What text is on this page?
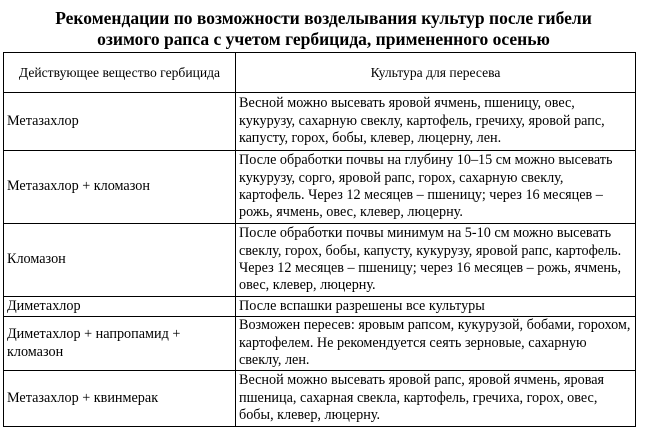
Рекомендации по возможности возделывания культур после гибели
озимого рапса с учетом гербицида, примененного осенью
Действующее вещество гербицида	Культура для пересева
Метазахлор	Весной можно высевать яровой ячмень, пшеницу, овес, кукурузу, сахарную свеклу, картофель, гречиху, яровой рапс, капусту, горох, бобы, клевер, люцерну, лен.
Метазахлор + кломазон	После обработки почвы на глубину 10–15 см можно высевать кукурузу, сорго, яровой рапс, горох, сахарную свеклу, картофель. Через 12 месяцев – пшеницу; через 16 месяцев – рожь, ячмень, овес, клевер, люцерну.
Кломазон	После обработки почвы минимум на 5-10 см можно высевать свеклу, горох, бобы, капусту, кукурузу, яровой рапс, картофель. Через 12 месяцев – пшеницу; через 16 месяцев – рожь, ячмень, овес, клевер, люцерну.
Диметахлор	После вспашки разрешены все культуры
Диметахлор + напропамид + кломазон	Возможен пересев: яровым рапсом, кукурузой, бобами, горохом, картофелем. Не рекомендуется сеять зерновые, сахарную свеклу, лен.
Метазахлор + квинмерак	Весной можно высевать яровой рапс, яровой ячмень, яровая пшеница, сахарная свекла, картофель, гречиха, горох, овес, бобы, клевер, люцерну.
